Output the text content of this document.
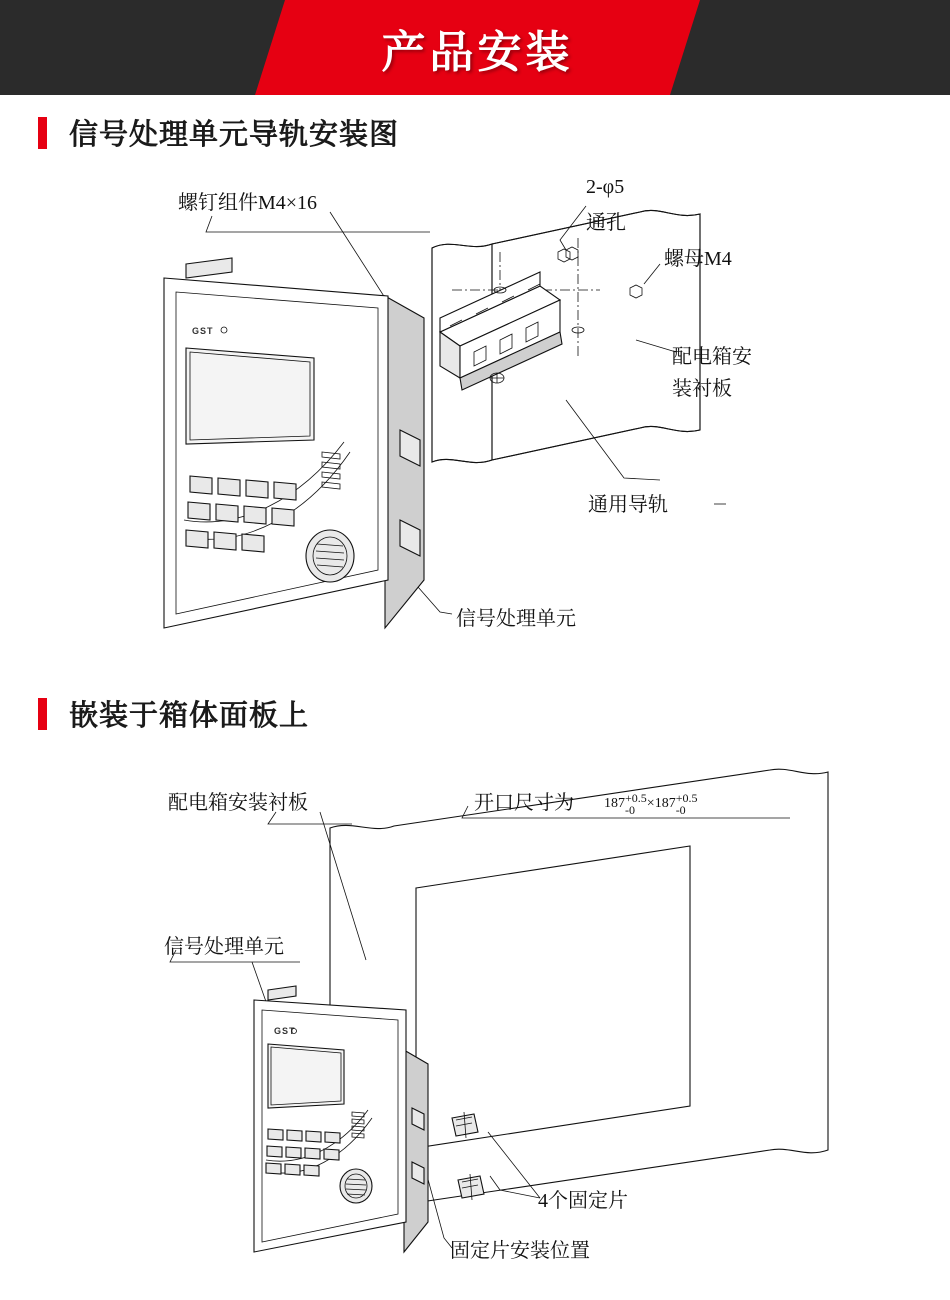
产品安装
信号处理单元导轨安装图
GST
螺钉组件M4×16
2-φ5
通孔
螺母M4
配电箱安
装衬板
通用导轨
信号处理单元
嵌装于箱体面板上
GST
配电箱安装衬板	开口尺寸为 187 +0.5
-0 ×187 +0.5
-0
信号处理单元
4个固定片
固定片安装位置
